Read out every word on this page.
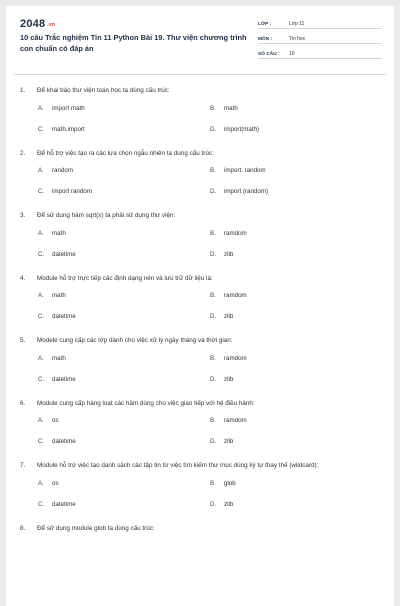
2048 $^{.vn}$
10 câu Trắc nghiệm Tin 11 Python Bài 19. Thư viện chương trình con chuẩn có đáp án
LỚP :	Lớp 11
MÔN :	Tin học
SỐ CÂU :	10
1.	Để khai báo thư viện toán học ta dùng cấu trúc:
A.	import math	B.	math
C.	math.import	D.	import(math)
2.	Để hỗ trợ việc tạo ra các lựa chọn ngẫu nhiên ta dùng cấu trúc:
A.	random	B.	import. random
C.	import random	D.	import (random)
3.	Để sử dụng hàm sqrt(x) ta phải sử dụng thư viện:
A.	math	B.	ramdom
C.	datetime	D.	zlib
4.	Module hỗ trợ trực tiếp các định dạng nén và lưu trữ dữ liệu là:
A.	math	B.	ramdom
C.	datetime	D.	zlib
5.	Modele cung cấp các lớp dành cho việc xử lý ngày tháng và thời gian:
A.	math	B.	ramdom
C.	datetime	D.	zlib
6.	Module cung cấp hàng loạt các hàm dùng cho việc giao tiếp với hệ điều hành:
A.	os	B.	ramdom
C.	datetime	D.	zlib
7.	Module hỗ trợ việc tạo danh sách các tập tin từ việc tìm kiếm thư mục dùng ký tự thay thế (wildcard):
A.	os	B.	glob
C.	datetime	D.	zlib
8.	Để sử dụng module glob ta dùng cấu trúc:
